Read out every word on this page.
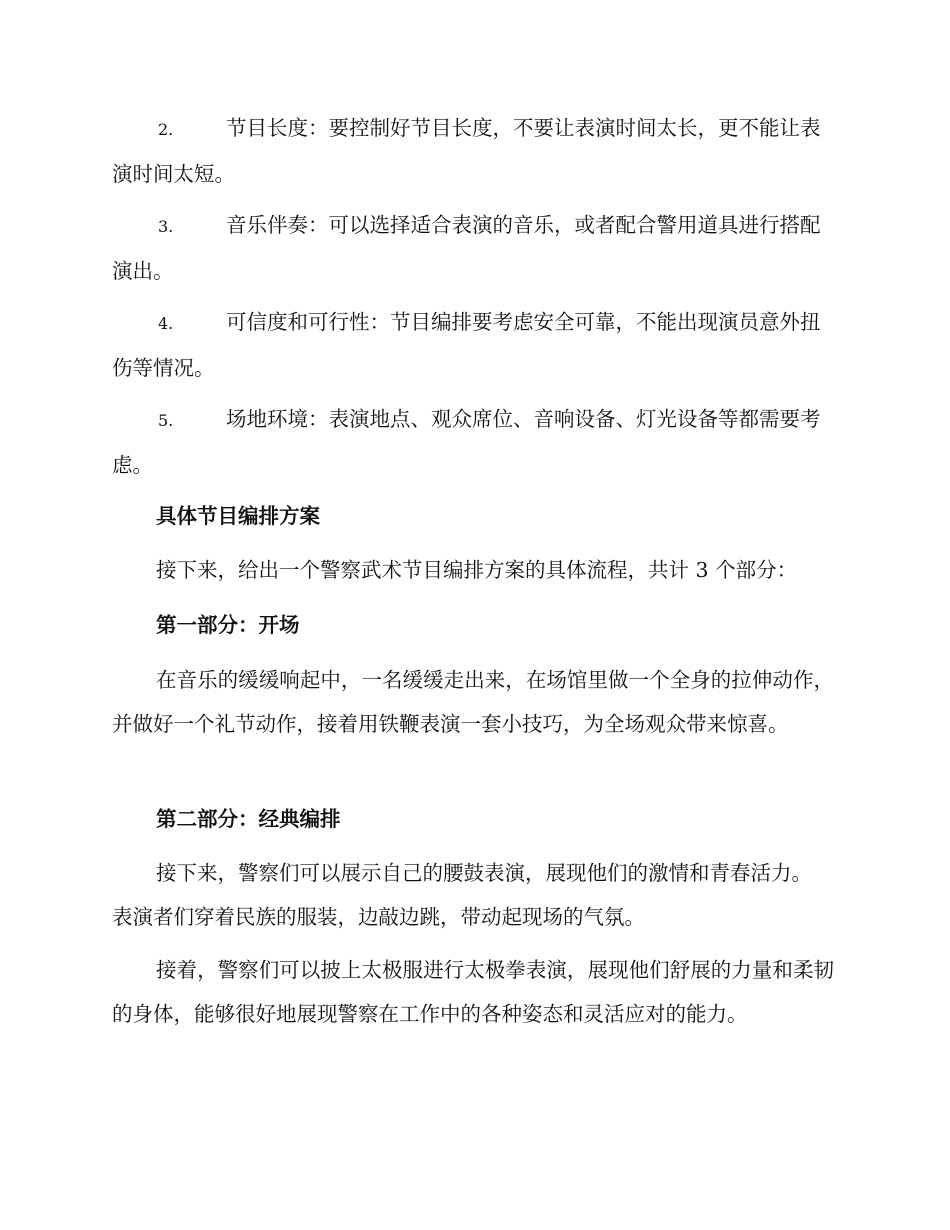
2.	节目长度：要控制好节目长度，不要让表演时间太长，更不能让表演时间太短。
3.	音乐伴奏：可以选择适合表演的音乐，或者配合警用道具进行搭配演出。
4.	可信度和可行性：节目编排要考虑安全可靠，不能出现演员意外扭伤等情况。
5.	场地环境：表演地点、观众席位、音响设备、灯光设备等都需要考虑。
具体节目编排方案
接下来，给出一个警察武术节目编排方案的具体流程，共计 3 个部分：
第一部分：开场
在音乐的缓缓响起中，一名缓缓走出来，在场馆里做一个全身的拉伸动作，并做好一个礼节动作，接着用铁鞭表演一套小技巧，为全场观众带来惊喜。
第二部分：经典编排
接下来，警察们可以展示自己的腰鼓表演，展现他们的激情和青春活力。表演者们穿着民族的服装，边敲边跳，带动起现场的气氛。
接着，警察们可以披上太极服进行太极拳表演，展现他们舒展的力量和柔韧的身体，能够很好地展现警察在工作中的各种姿态和灵活应对的能力。
